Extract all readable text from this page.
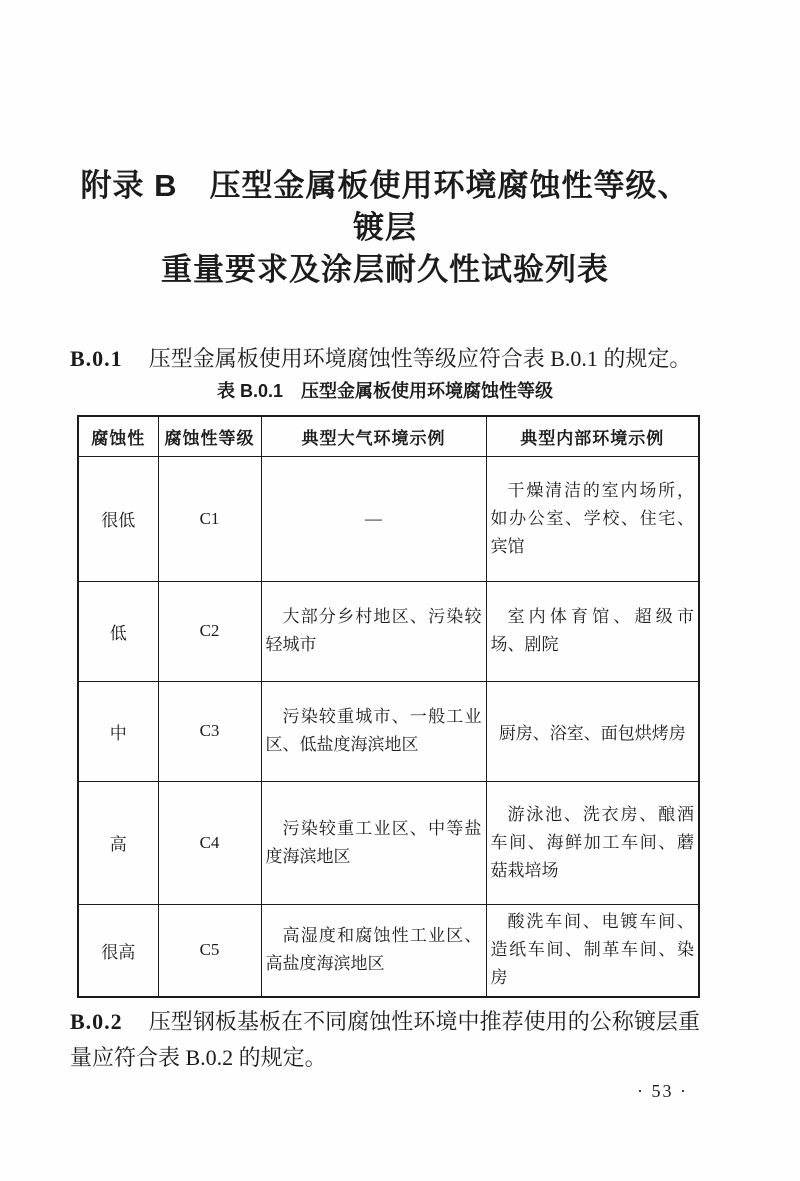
附录 B　压型金属板使用环境腐蚀性等级、镀层
重量要求及涂层耐久性试验列表

B.0.1 压型金属板使用环境腐蚀性等级应符合表 B.0.1 的规定。

表 B.0.1　压型金属板使用环境腐蚀性等级
腐蚀性	腐蚀性等级	典型大气环境示例	典型内部环境示例
很低	C1	—	干燥清洁的室内场所，如办公室、学校、住宅、宾馆
低	C2	大部分乡村地区、污染较轻城市	室内体育馆、超级市场、剧院
中	C3	污染较重城市、一般工业区、低盐度海滨地区	厨房、浴室、面包烘烤房
高	C4	污染较重工业区、中等盐度海滨地区	游泳池、洗衣房、酿酒车间、海鲜加工车间、蘑菇栽培场
很高	C5	高湿度和腐蚀性工业区、高盐度海滨地区	酸洗车间、电镀车间、造纸车间、制革车间、染房

B.0.2 压型钢板基板在不同腐蚀性环境中推荐使用的公称镀层重量应符合表 B.0.2 的规定。

· 53 ·
